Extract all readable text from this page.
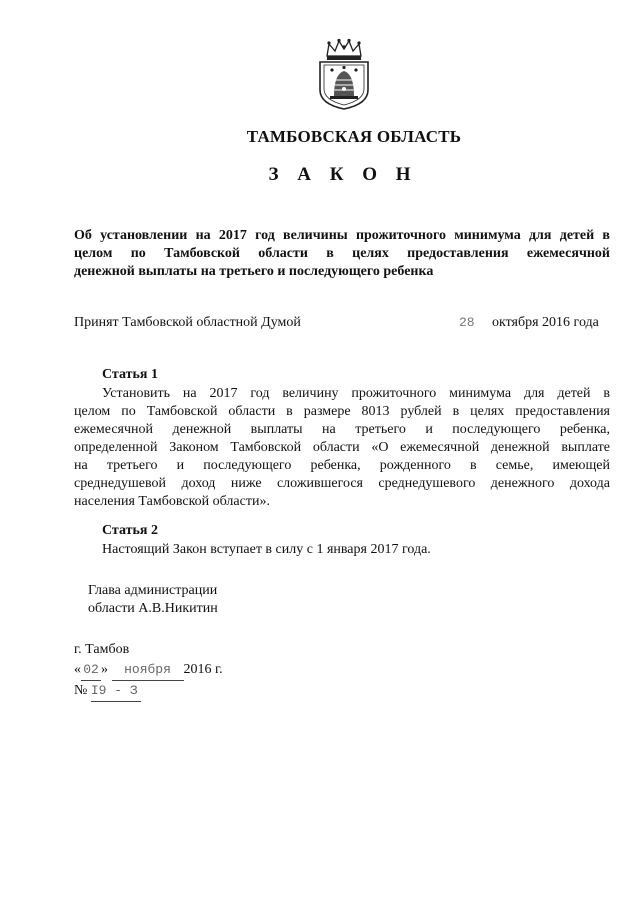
ТАМБОВСКАЯ ОБЛАСТЬ
З А К О Н
Об установлении на 2017 год величины прожиточного минимума для детей в
целом по Тамбовской области в целях предоставления ежемесячной
денежной выплаты на третьего и последующего ребенка
Принят Тамбовской областной Думой	28 октября 2016 года
Статья 1
Установить на 2017 год величину прожиточного минимума для детей в
целом по Тамбовской области в размере 8013 рублей в целях предоставления
ежемесячной денежной выплаты на третьего и последующего ребенка,
определенной Законом Тамбовской области «О ежемесячной денежной выплате
на третьего и последующего ребенка, рожденного в семье, имеющей
среднедушевой доход ниже сложившегося среднедушевого денежного дохода
населения Тамбовской области».
Статья 2
Настоящий Закон вступает в силу с 1 января 2017 года.
Глава администрации
области А.В.Никитин
г. Тамбов
« 02 » ноября 2016 г.
№ I9 - З
